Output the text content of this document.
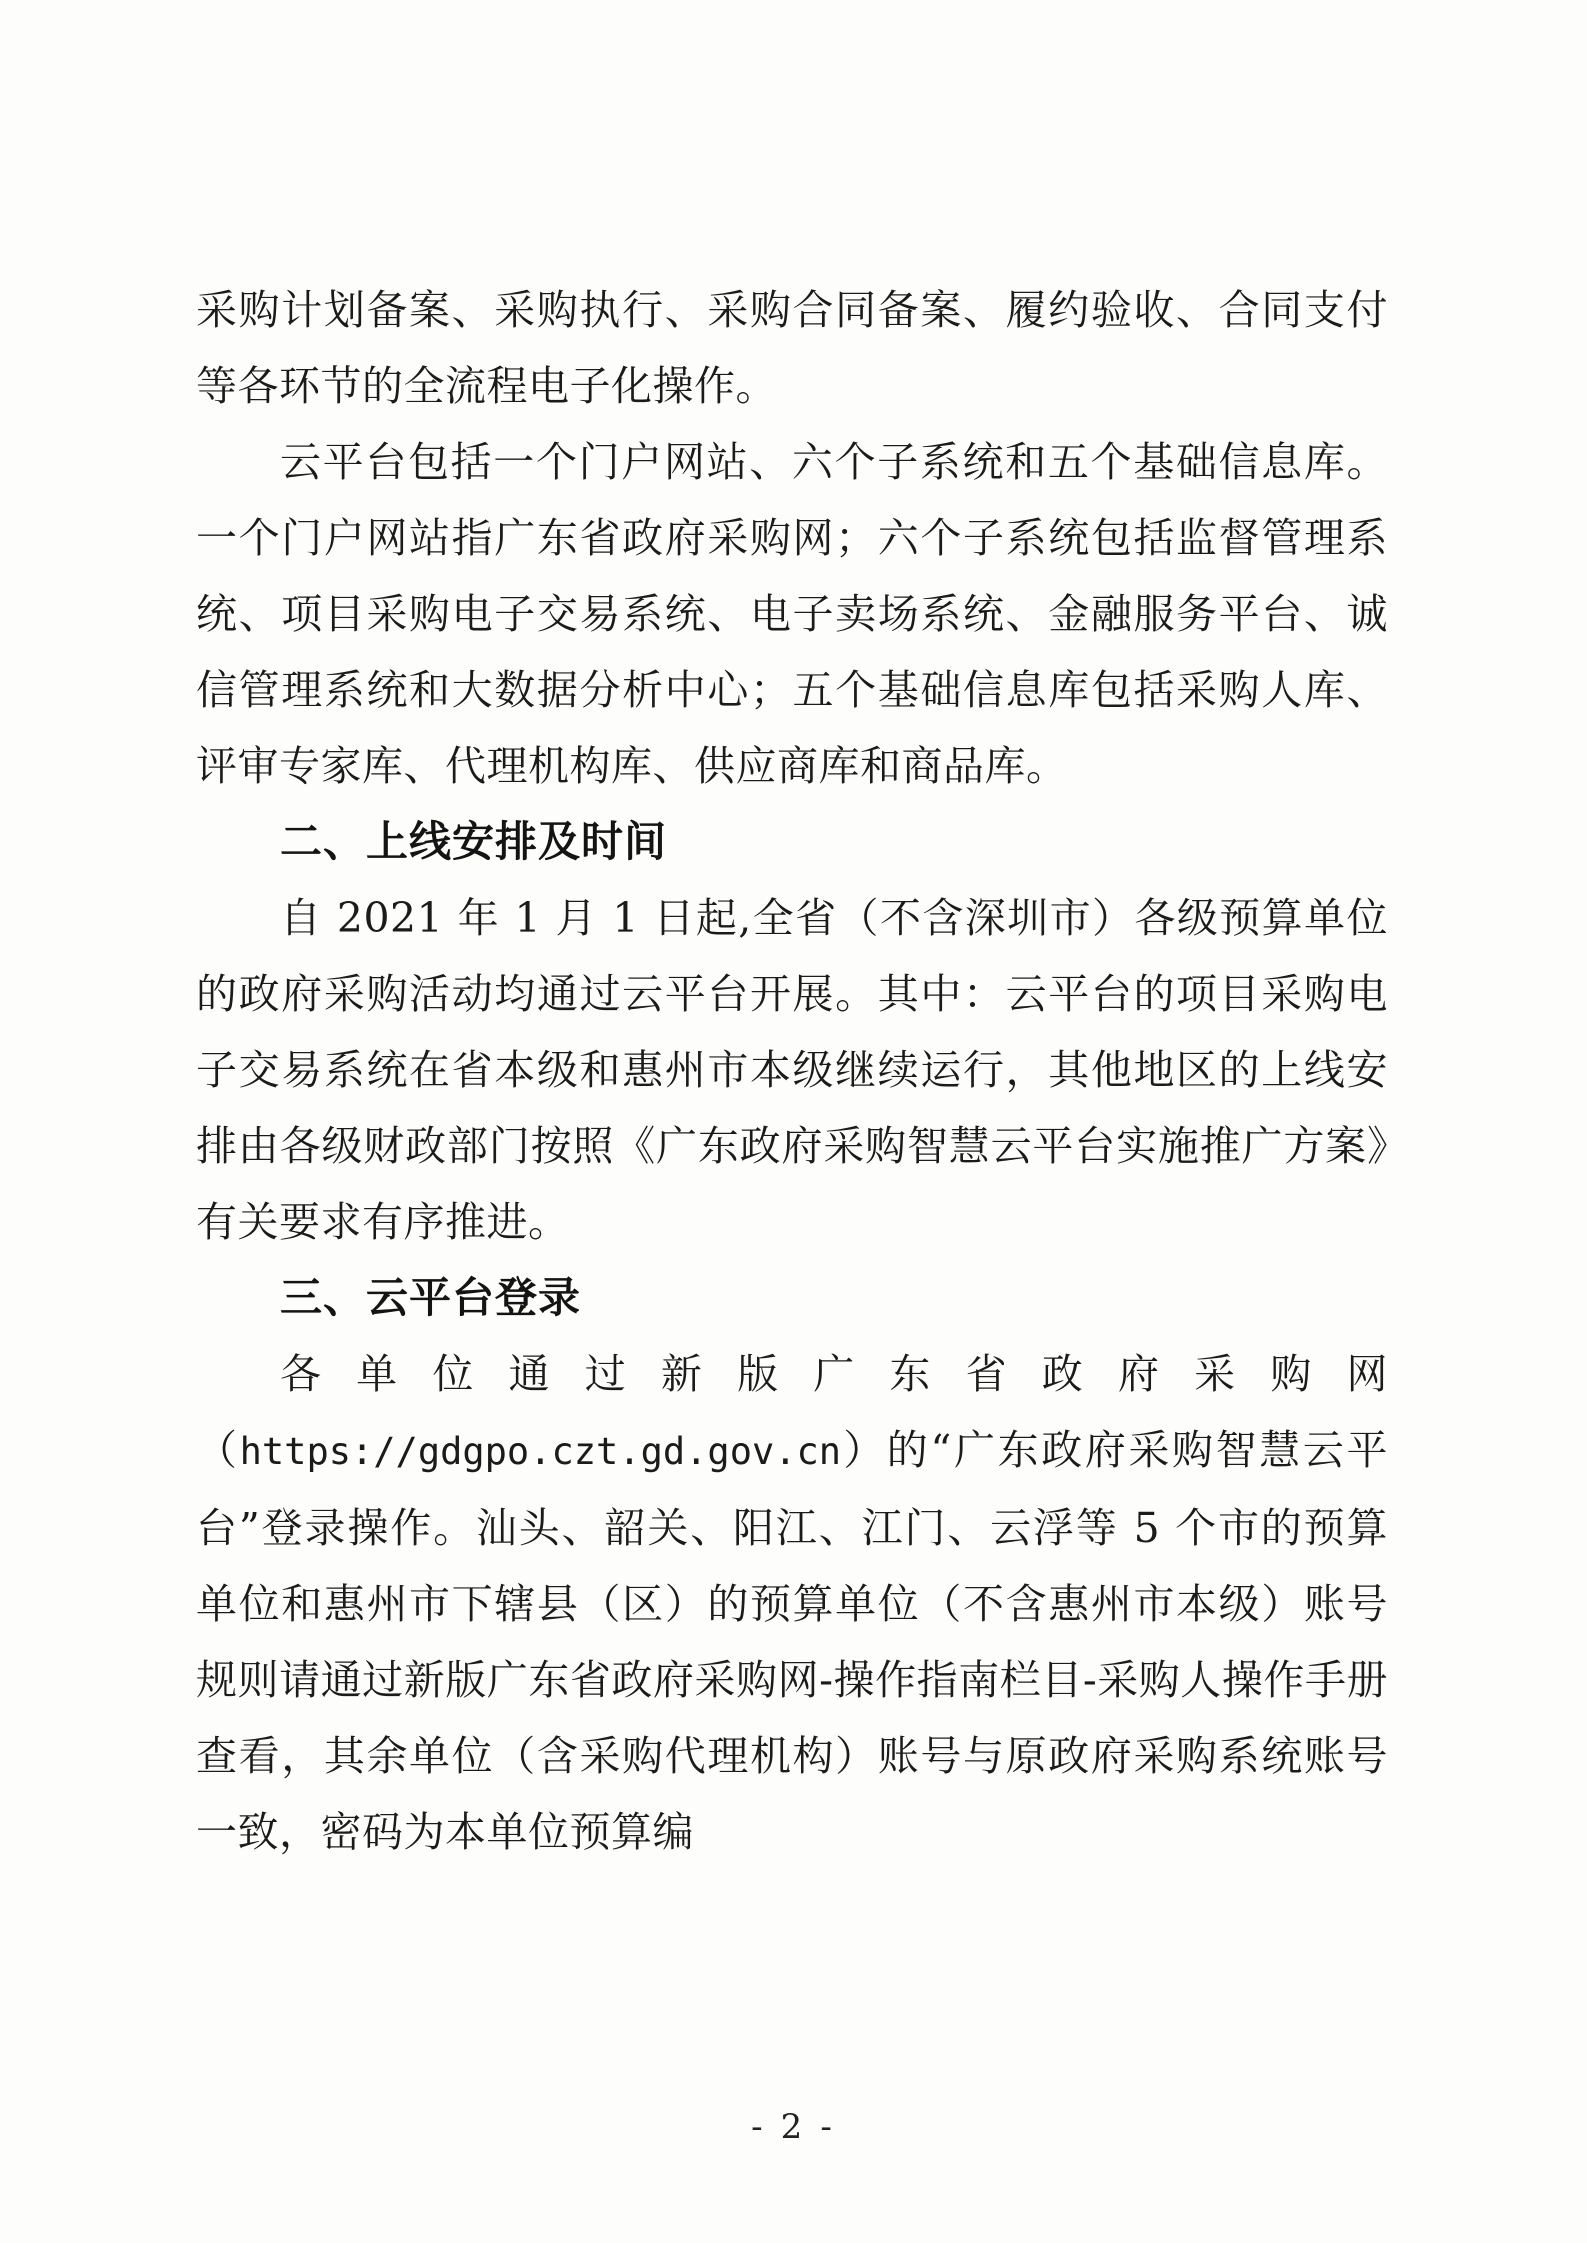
采购计划备案、采购执行、采购合同备案、履约验收、合同支付等各环节的全流程电子化操作。

云平台包括一个门户网站、六个子系统和五个基础信息库。一个门户网站指广东省政府采购网；六个子系统包括监督管理系统、项目采购电子交易系统、电子卖场系统、金融服务平台、诚信管理系统和大数据分析中心；五个基础信息库包括采购人库、评审专家库、代理机构库、供应商库和商品库。

二、上线安排及时间

自 2021 年 1 月 1 日起,全省（不含深圳市）各级预算单位的政府采购活动均通过云平台开展。其中：云平台的项目采购电子交易系统在省本级和惠州市本级继续运行，其他地区的上线安排由各级财政部门按照《广东政府采购智慧云平台实施推广方案》有关要求有序推进。

三、云平台登录

各单位通过新版广东省政府采购网（https://gdgpo.czt.gd.gov.cn）的“广东政府采购智慧云平台”登录操作。汕头、韶关、阳江、江门、云浮等 5 个市的预算单位和惠州市下辖县（区）的预算单位（不含惠州市本级）账号规则请通过新版广东省政府采购网-操作指南栏目-采购人操作手册查看，其余单位（含采购代理机构）账号与原政府采购系统账号一致，密码为本单位预算编

- 2 -
